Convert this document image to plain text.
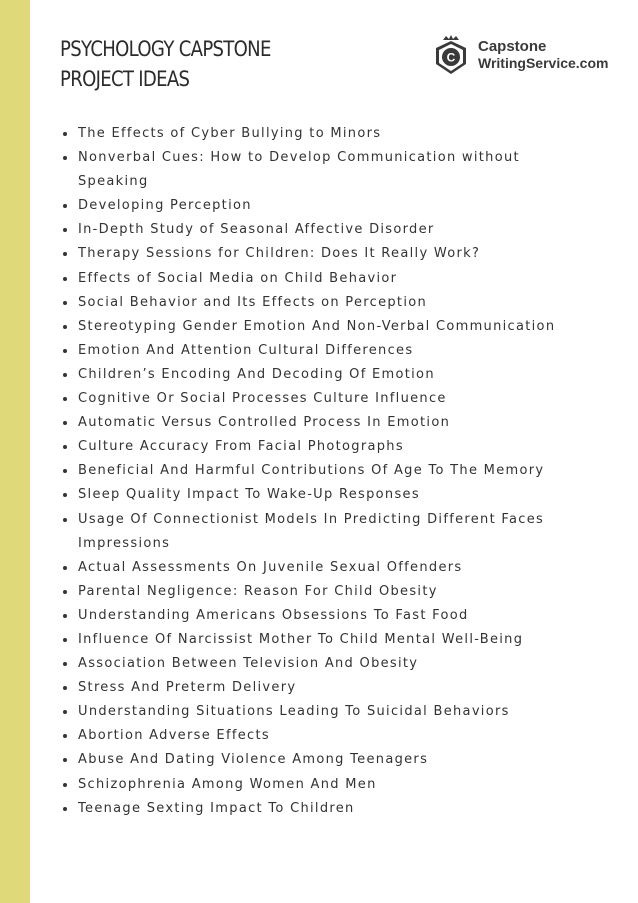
PSYCHOLOGY CAPSTONE
PROJECT IDEAS
C
Capstone
WritingService.com
The Effects of Cyber Bullying to Minors
Nonverbal Cues: How to Develop Communication without Speaking
Developing Perception
In-Depth Study of Seasonal Affective Disorder
Therapy Sessions for Children: Does It Really Work?
Effects of Social Media on Child Behavior
Social Behavior and Its Effects on Perception
Stereotyping Gender Emotion And Non-Verbal Communication
Emotion And Attention Cultural Differences
Children’s Encoding And Decoding Of Emotion
Cognitive Or Social Processes Culture Influence
Automatic Versus Controlled Process In Emotion
Culture Accuracy From Facial Photographs
Beneficial And Harmful Contributions Of Age To The Memory
Sleep Quality Impact To Wake-Up Responses
Usage Of Connectionist Models In Predicting Different Faces Impressions
Actual Assessments On Juvenile Sexual Offenders
Parental Negligence: Reason For Child Obesity
Understanding Americans Obsessions To Fast Food
Influence Of Narcissist Mother To Child Mental Well-Being
Association Between Television And Obesity
Stress And Preterm Delivery
Understanding Situations Leading To Suicidal Behaviors
Abortion Adverse Effects
Abuse And Dating Violence Among Teenagers
Schizophrenia Among Women And Men
Teenage Sexting Impact To Children
